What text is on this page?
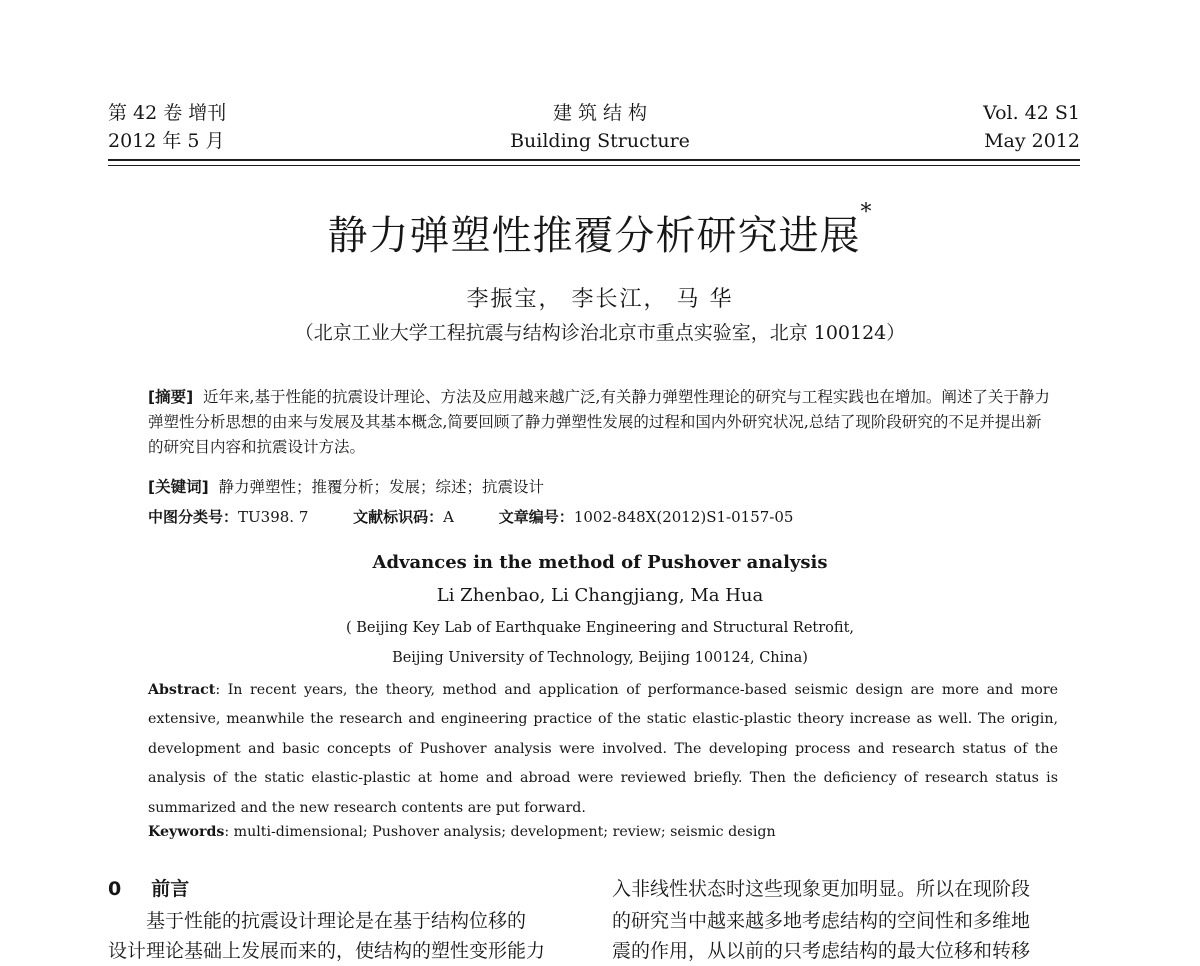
第 42 卷 增刊
2012 年 5 月
建 筑 结 构
Building Structure
Vol. 42 S1
May 2012
静力弹塑性推覆分析研究进展*
李振宝， 李长江， 马 华
（北京工业大学工程抗震与结构诊治北京市重点实验室，北京 100124）
[摘要] 近年来,基于性能的抗震设计理论、方法及应用越来越广泛,有关静力弹塑性理论的研究与工程实践也在增加。阐述了关于静力弹塑性分析思想的由来与发展及其基本概念,简要回顾了静力弹塑性发展的过程和国内外研究状况,总结了现阶段研究的不足并提出新的研究目内容和抗震设计方法。
[关键词] 静力弹塑性；推覆分析；发展；综述；抗震设计
中图分类号：TU398. 7	文献标识码：A	文章编号：1002-848X(2012)S1-0157-05
Advances in the method of Pushover analysis
Li Zhenbao, Li Changjiang, Ma Hua
( Beijing Key Lab of Earthquake Engineering and Structural Retrofit,
Beijing University of Technology, Beijing 100124, China)
Abstract: In recent years, the theory, method and application of performance-based seismic design are more and more extensive, meanwhile the research and engineering practice of the static elastic-plastic theory increase as well. The origin, development and basic concepts of Pushover analysis were involved. The developing process and research status of the analysis of the static elastic-plastic at home and abroad were reviewed briefly. Then the deficiency of research status is summarized and the new research contents are put forward.
Keywords: multi-dimensional; Pushover analysis; development; review; seismic design
0 前言
基于性能的抗震设计理论是在基于结构位移的
设计理论基础上发展而来的，使结构的塑性变形能力
入非线性状态时这些现象更加明显。所以在现阶段
的研究当中越来越多地考虑结构的空间性和多维地
震的作用，从以前的只考虑结构的最大位移和转移
